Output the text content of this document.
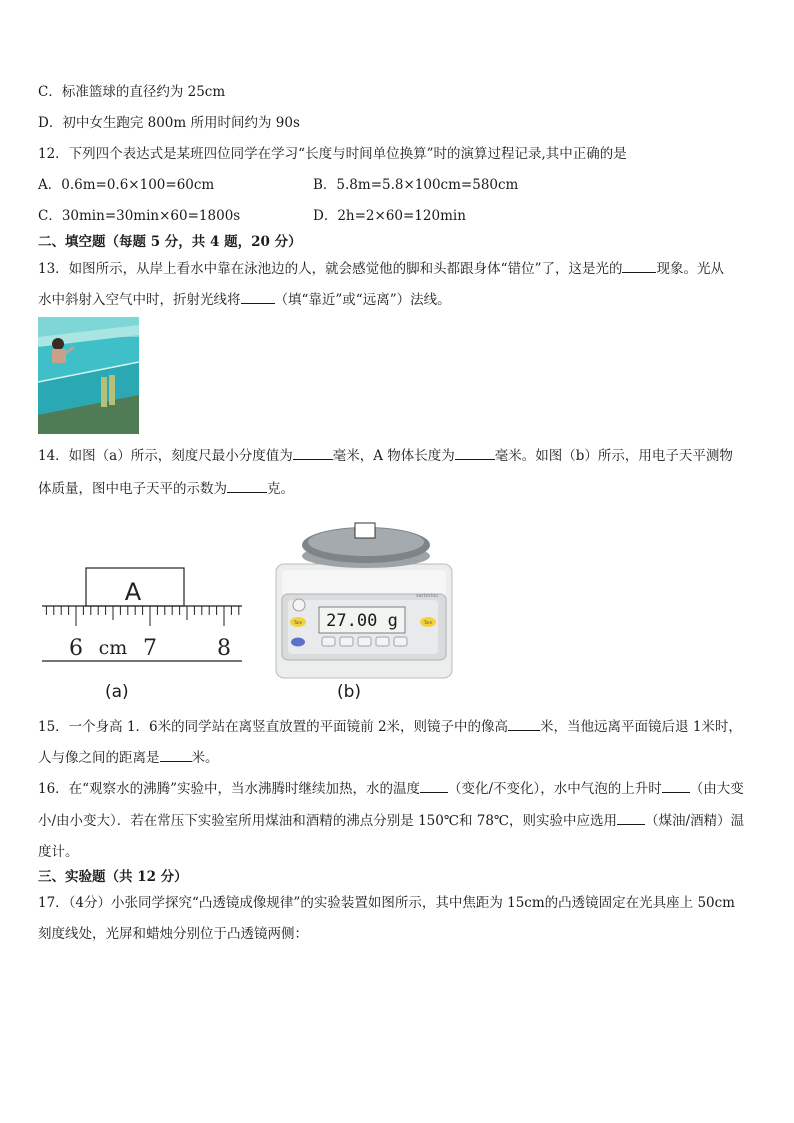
C．标准篮球的直径约为 25cm
D．初中女生跑完 800m 所用时间约为 90s
12．下列四个表达式是某班四位同学在学习“长度与时间单位换算”时的演算过程记录,其中正确的是
A．0.6m=0.6×100=60cm	B．5.8m=5.8×100cm=580cm
C．30min=30min×60=1800s	D．2h=2×60=120min
二、填空题（每题 5 分，共 4 题，20 分）
13．如图所示，从岸上看水中靠在泳池边的人，就会感觉他的脚和头都跟身体“错位”了，这是光的	现象。光从
水中斜射入空气中时，折射光线将	（填“靠近”或“远离”）法线。
14．如图（a）所示，刻度尺最小分度值为	毫米，A 物体长度为	毫米。如图（b）所示，用电子天平测物
体质量，图中电子天平的示数为	克。
A
6 cm 7	8
sartorius
Tare 27.00 g	Tare
(a)	(b)
15．一个身高 1．6米的同学站在离竖直放置的平面镜前 2米，则镜子中的像高 米，当他远离平面镜后退 1米时，
人与像之间的距离是 米。
16．在“观察水的沸腾”实验中，当水沸腾时继续加热，水的温度 （变化/不变化），水中气泡的上升时 （由大变
小/由小变大）．若在常压下实验室所用煤油和酒精的沸点分别是 150℃和 78℃，则实验中应选用 （煤油/酒精）温
度计。
三、实验题（共 12 分）
17．（4分）小张同学探究“凸透镜成像规律”的实验装置如图所示，其中焦距为 15cm的凸透镜固定在光具座上 50cm
刻度线处，光屏和蜡烛分别位于凸透镜两侧：
